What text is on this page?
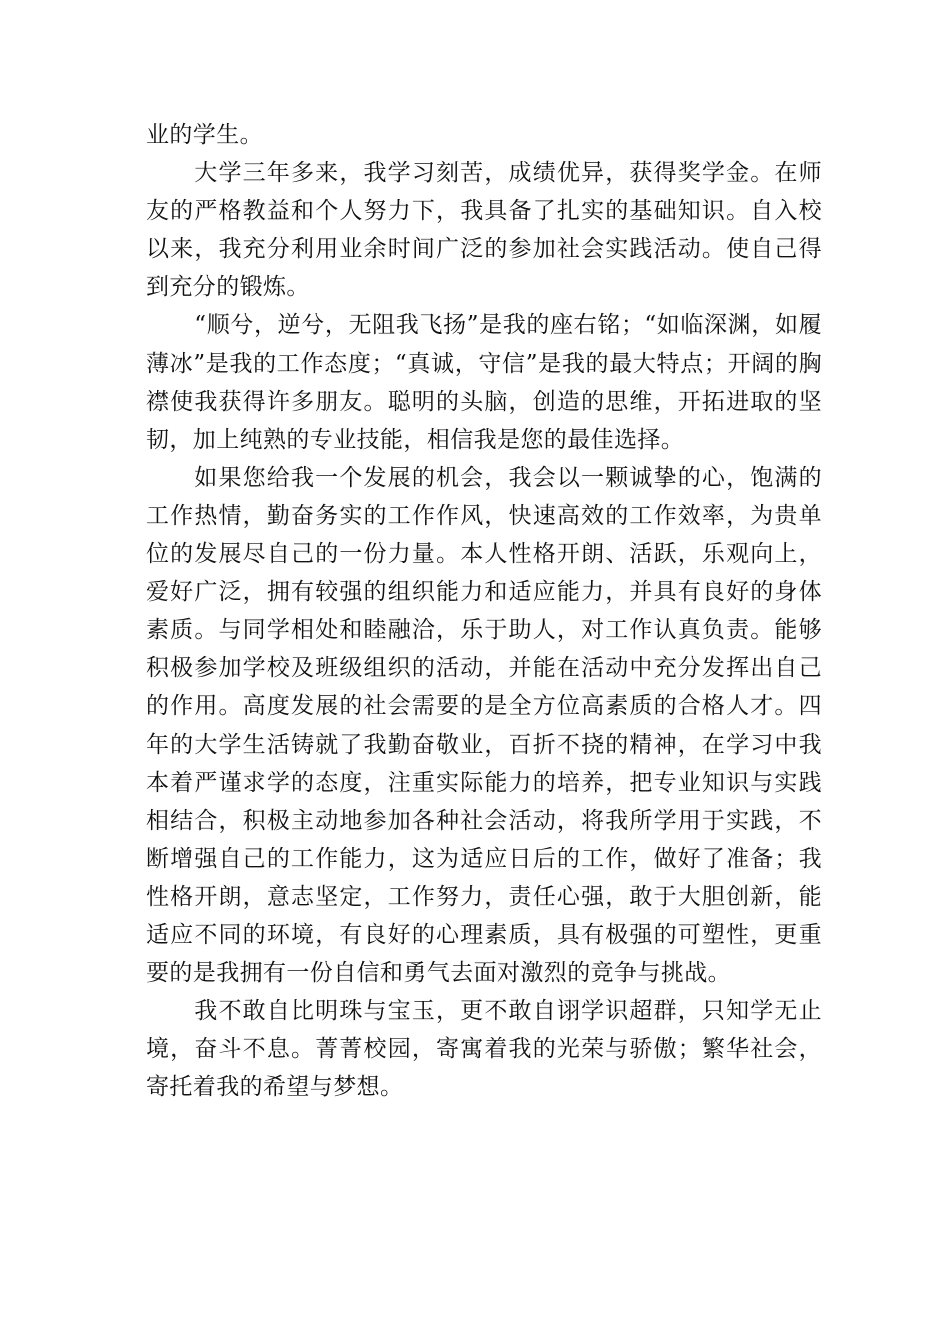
业的学生。

大学三年多来，我学习刻苦，成绩优异，获得奖学金。在师友的严格教益和个人努力下，我具备了扎实的基础知识。自入校以来，我充分利用业余时间广泛的参加社会实践活动。使自己得到充分的锻炼。

“顺兮，逆兮，无阻我飞扬”是我的座右铭；“如临深渊，如履薄冰”是我的工作态度；“真诚，守信”是我的最大特点；开阔的胸襟使我获得许多朋友。聪明的头脑，创造的思维，开拓进取的坚韧，加上纯熟的专业技能，相信我是您的最佳选择。

如果您给我一个发展的机会，我会以一颗诚挚的心，饱满的工作热情，勤奋务实的工作作风，快速高效的工作效率，为贵单位的发展尽自己的一份力量。本人性格开朗、活跃，乐观向上，爱好广泛，拥有较强的组织能力和适应能力，并具有良好的身体素质。与同学相处和睦融洽，乐于助人，对工作认真负责。能够积极参加学校及班级组织的活动，并能在活动中充分发挥出自己的作用。高度发展的社会需要的是全方位高素质的合格人才。四年的大学生活铸就了我勤奋敬业，百折不挠的精神，在学习中我本着严谨求学的态度，注重实际能力的培养，把专业知识与实践相结合，积极主动地参加各种社会活动，将我所学用于实践，不断增强自己的工作能力，这为适应日后的工作，做好了准备；我性格开朗，意志坚定，工作努力，责任心强，敢于大胆创新，能适应不同的环境，有良好的心理素质，具有极强的可塑性，更重要的是我拥有一份自信和勇气去面对激烈的竞争与挑战。

我不敢自比明珠与宝玉，更不敢自诩学识超群，只知学无止境，奋斗不息。菁菁校园，寄寓着我的光荣与骄傲；繁华社会，寄托着我的希望与梦想。
